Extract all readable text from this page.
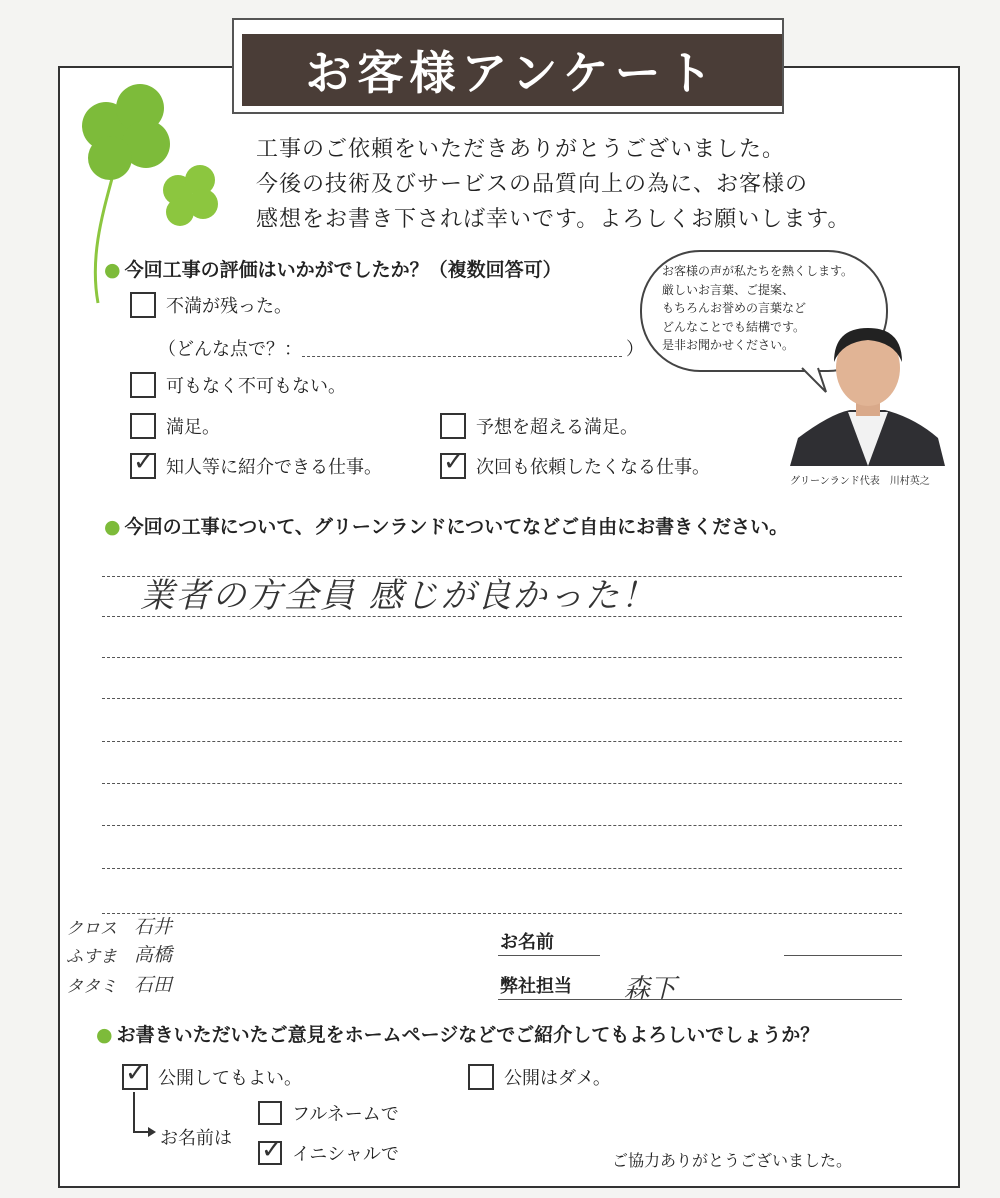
お客様アンケート
工事のご依頼をいただきありがとうございました。
今後の技術及びサービスの品質向上の為に、お客様の
感想をお書き下されば幸いです。よろしくお願いします。
● 今回工事の評価はいかがでしたか？（複数回答可）
不満が残った。
（どんな点で？：	）
可もなく不可もない。
満足。	予想を超える満足。
✓ 知人等に紹介できる仕事。 ✓ 次回も依頼したくなる仕事。
お客様の声が私たちを熱くします。
厳しいお言葉、ご提案、
もちろんお誉めの言葉など
どんなことでも結構です。
是非お聞かせください。
グリーンランド代表　川村英之
● 今回の工事について、グリーンランドについてなどご自由にお書きください。
業者の方全員 感じが良かった！
クロス 石井
ふすま 高橋
タタミ 石田
お名前
弊社担当 森下
● お書きいただいたご意見をホームページなどでご紹介してもよろしいでしょうか？
✓ 公開してもよい。	公開はダメ。
お名前は
フルネームで
✓ イニシャルで	ご協力ありがとうございました。
